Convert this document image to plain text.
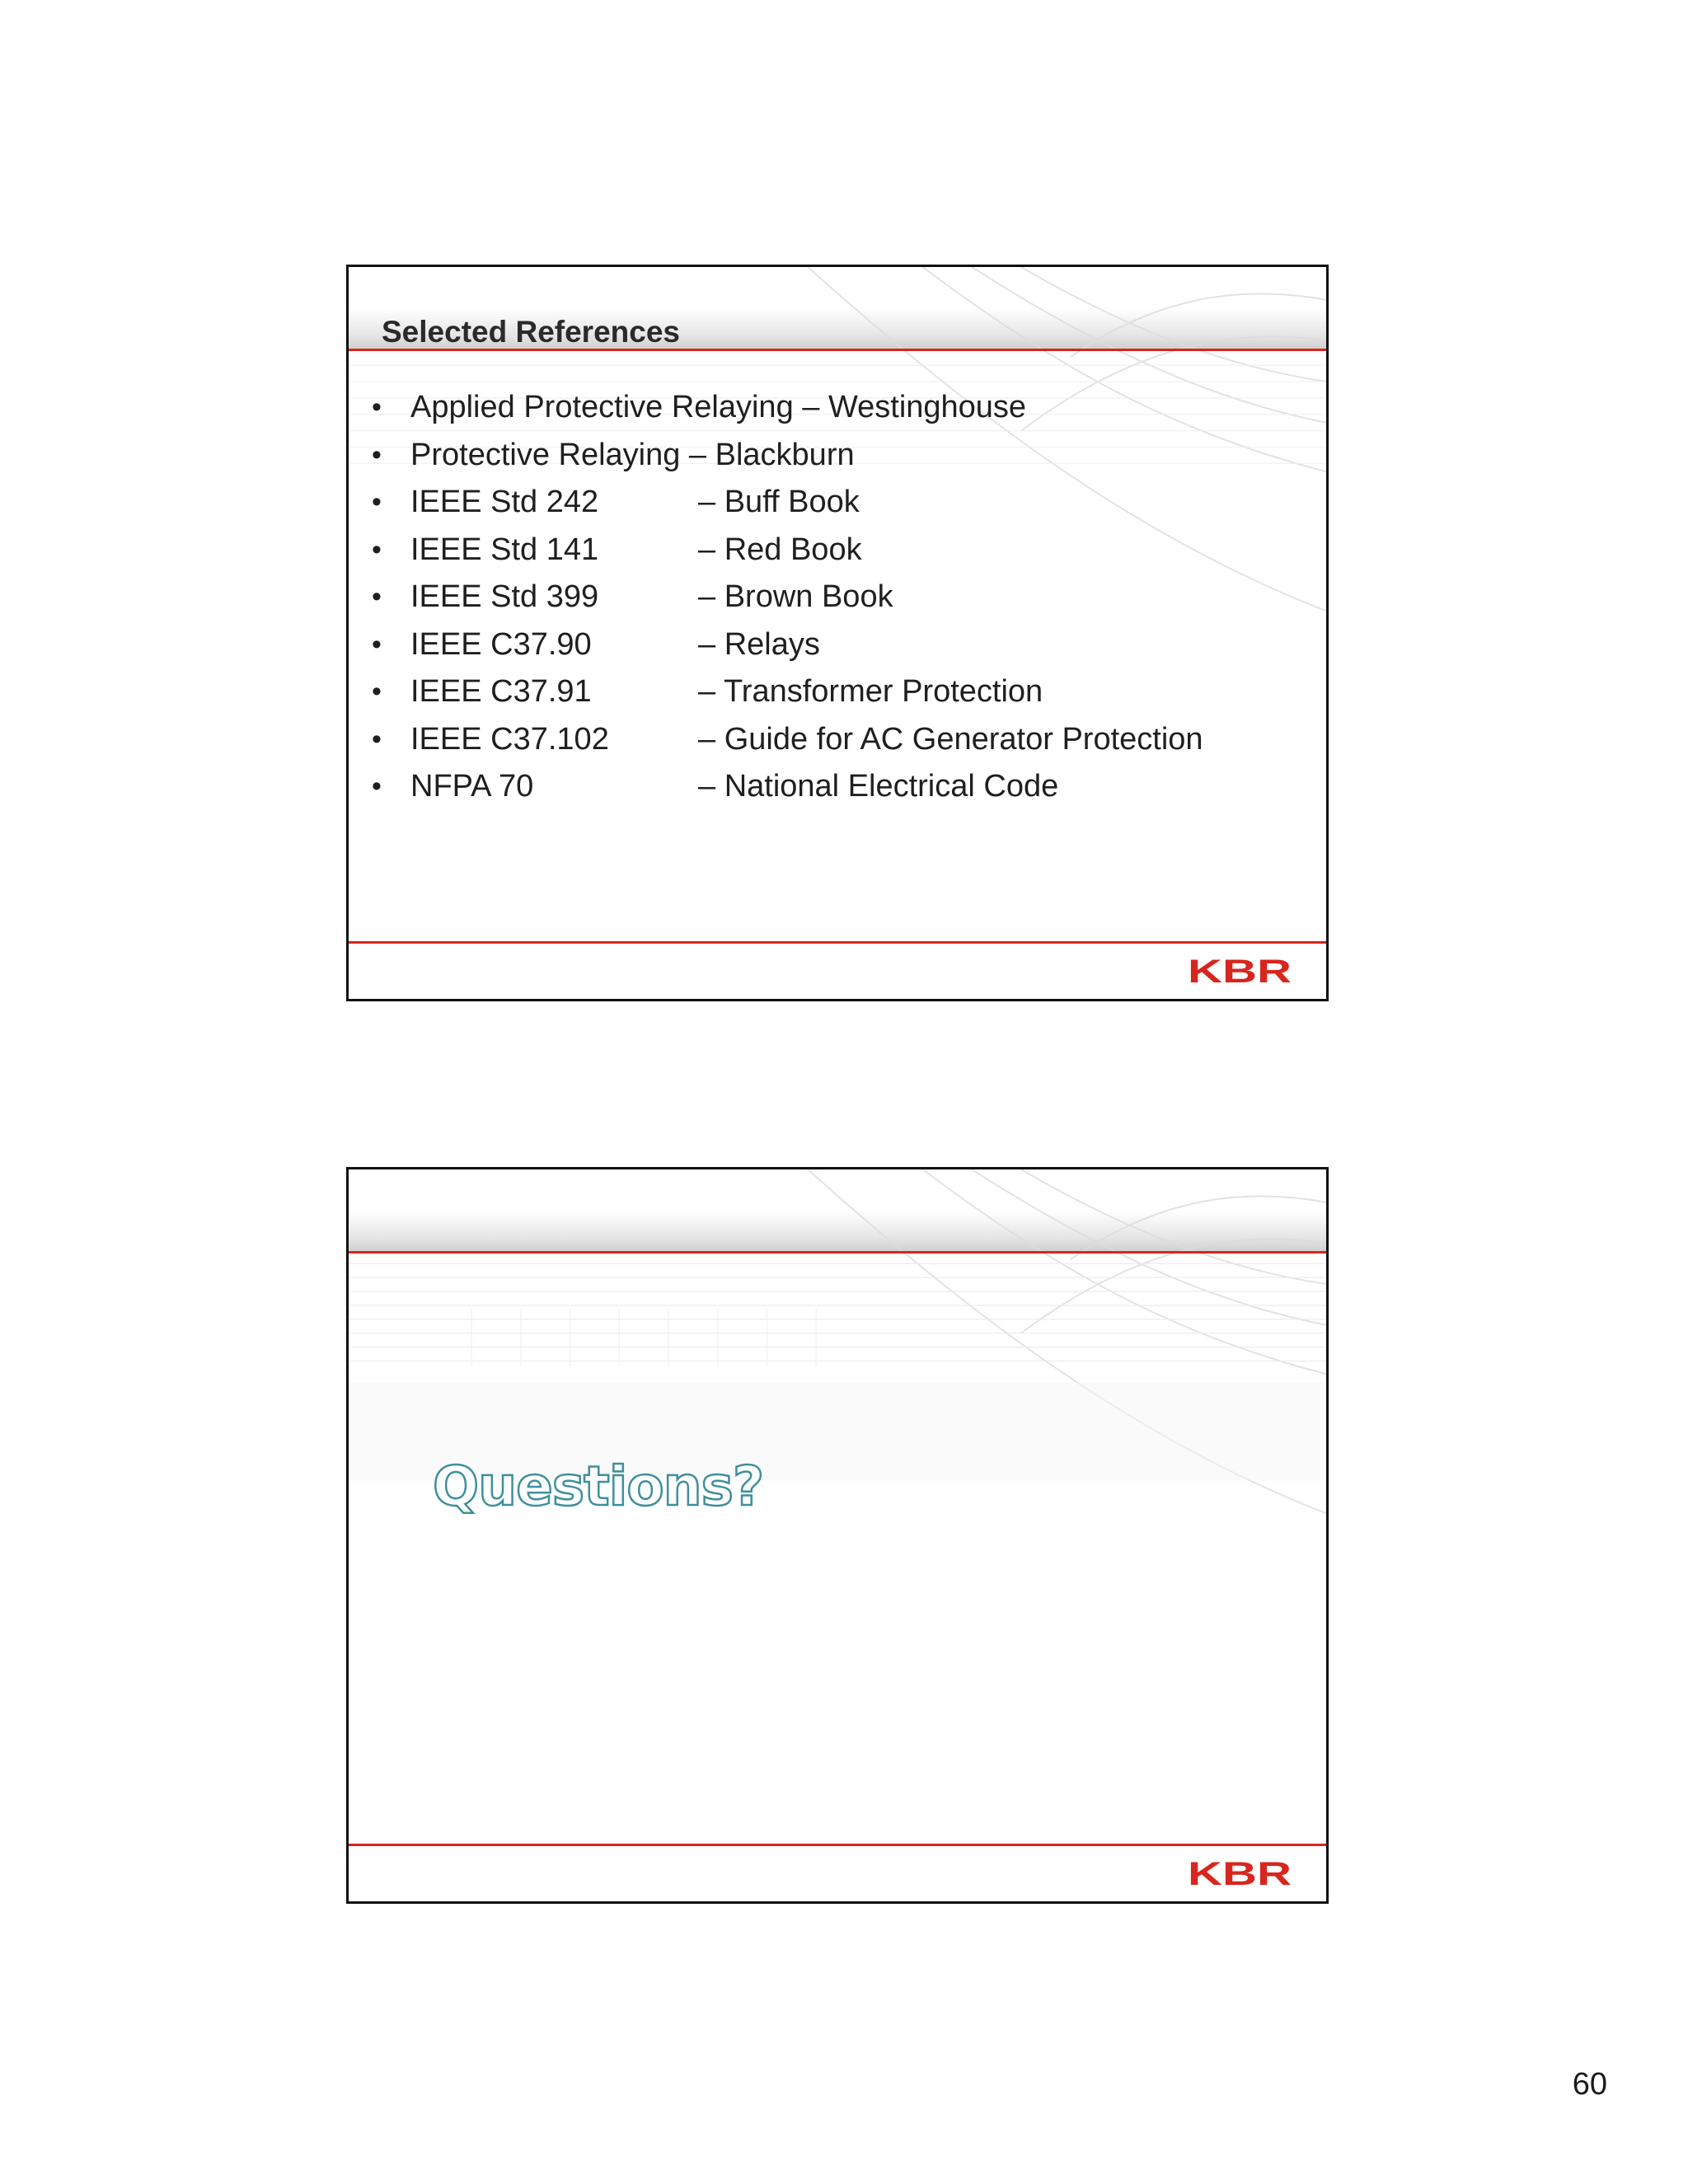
Selected References
• Applied Protective Relaying – Westinghouse
• Protective Relaying – Blackburn
• IEEE Std 242	– Buff Book
• IEEE Std 141	– Red Book
• IEEE Std 399	– Brown Book
• IEEE C37.90	– Relays
• IEEE C37.91	– Transformer Protection
• IEEE C37.102	– Guide for AC Generator Protection
• NFPA 70	– National Electrical Code
KBR
Questions?
KBR
60
